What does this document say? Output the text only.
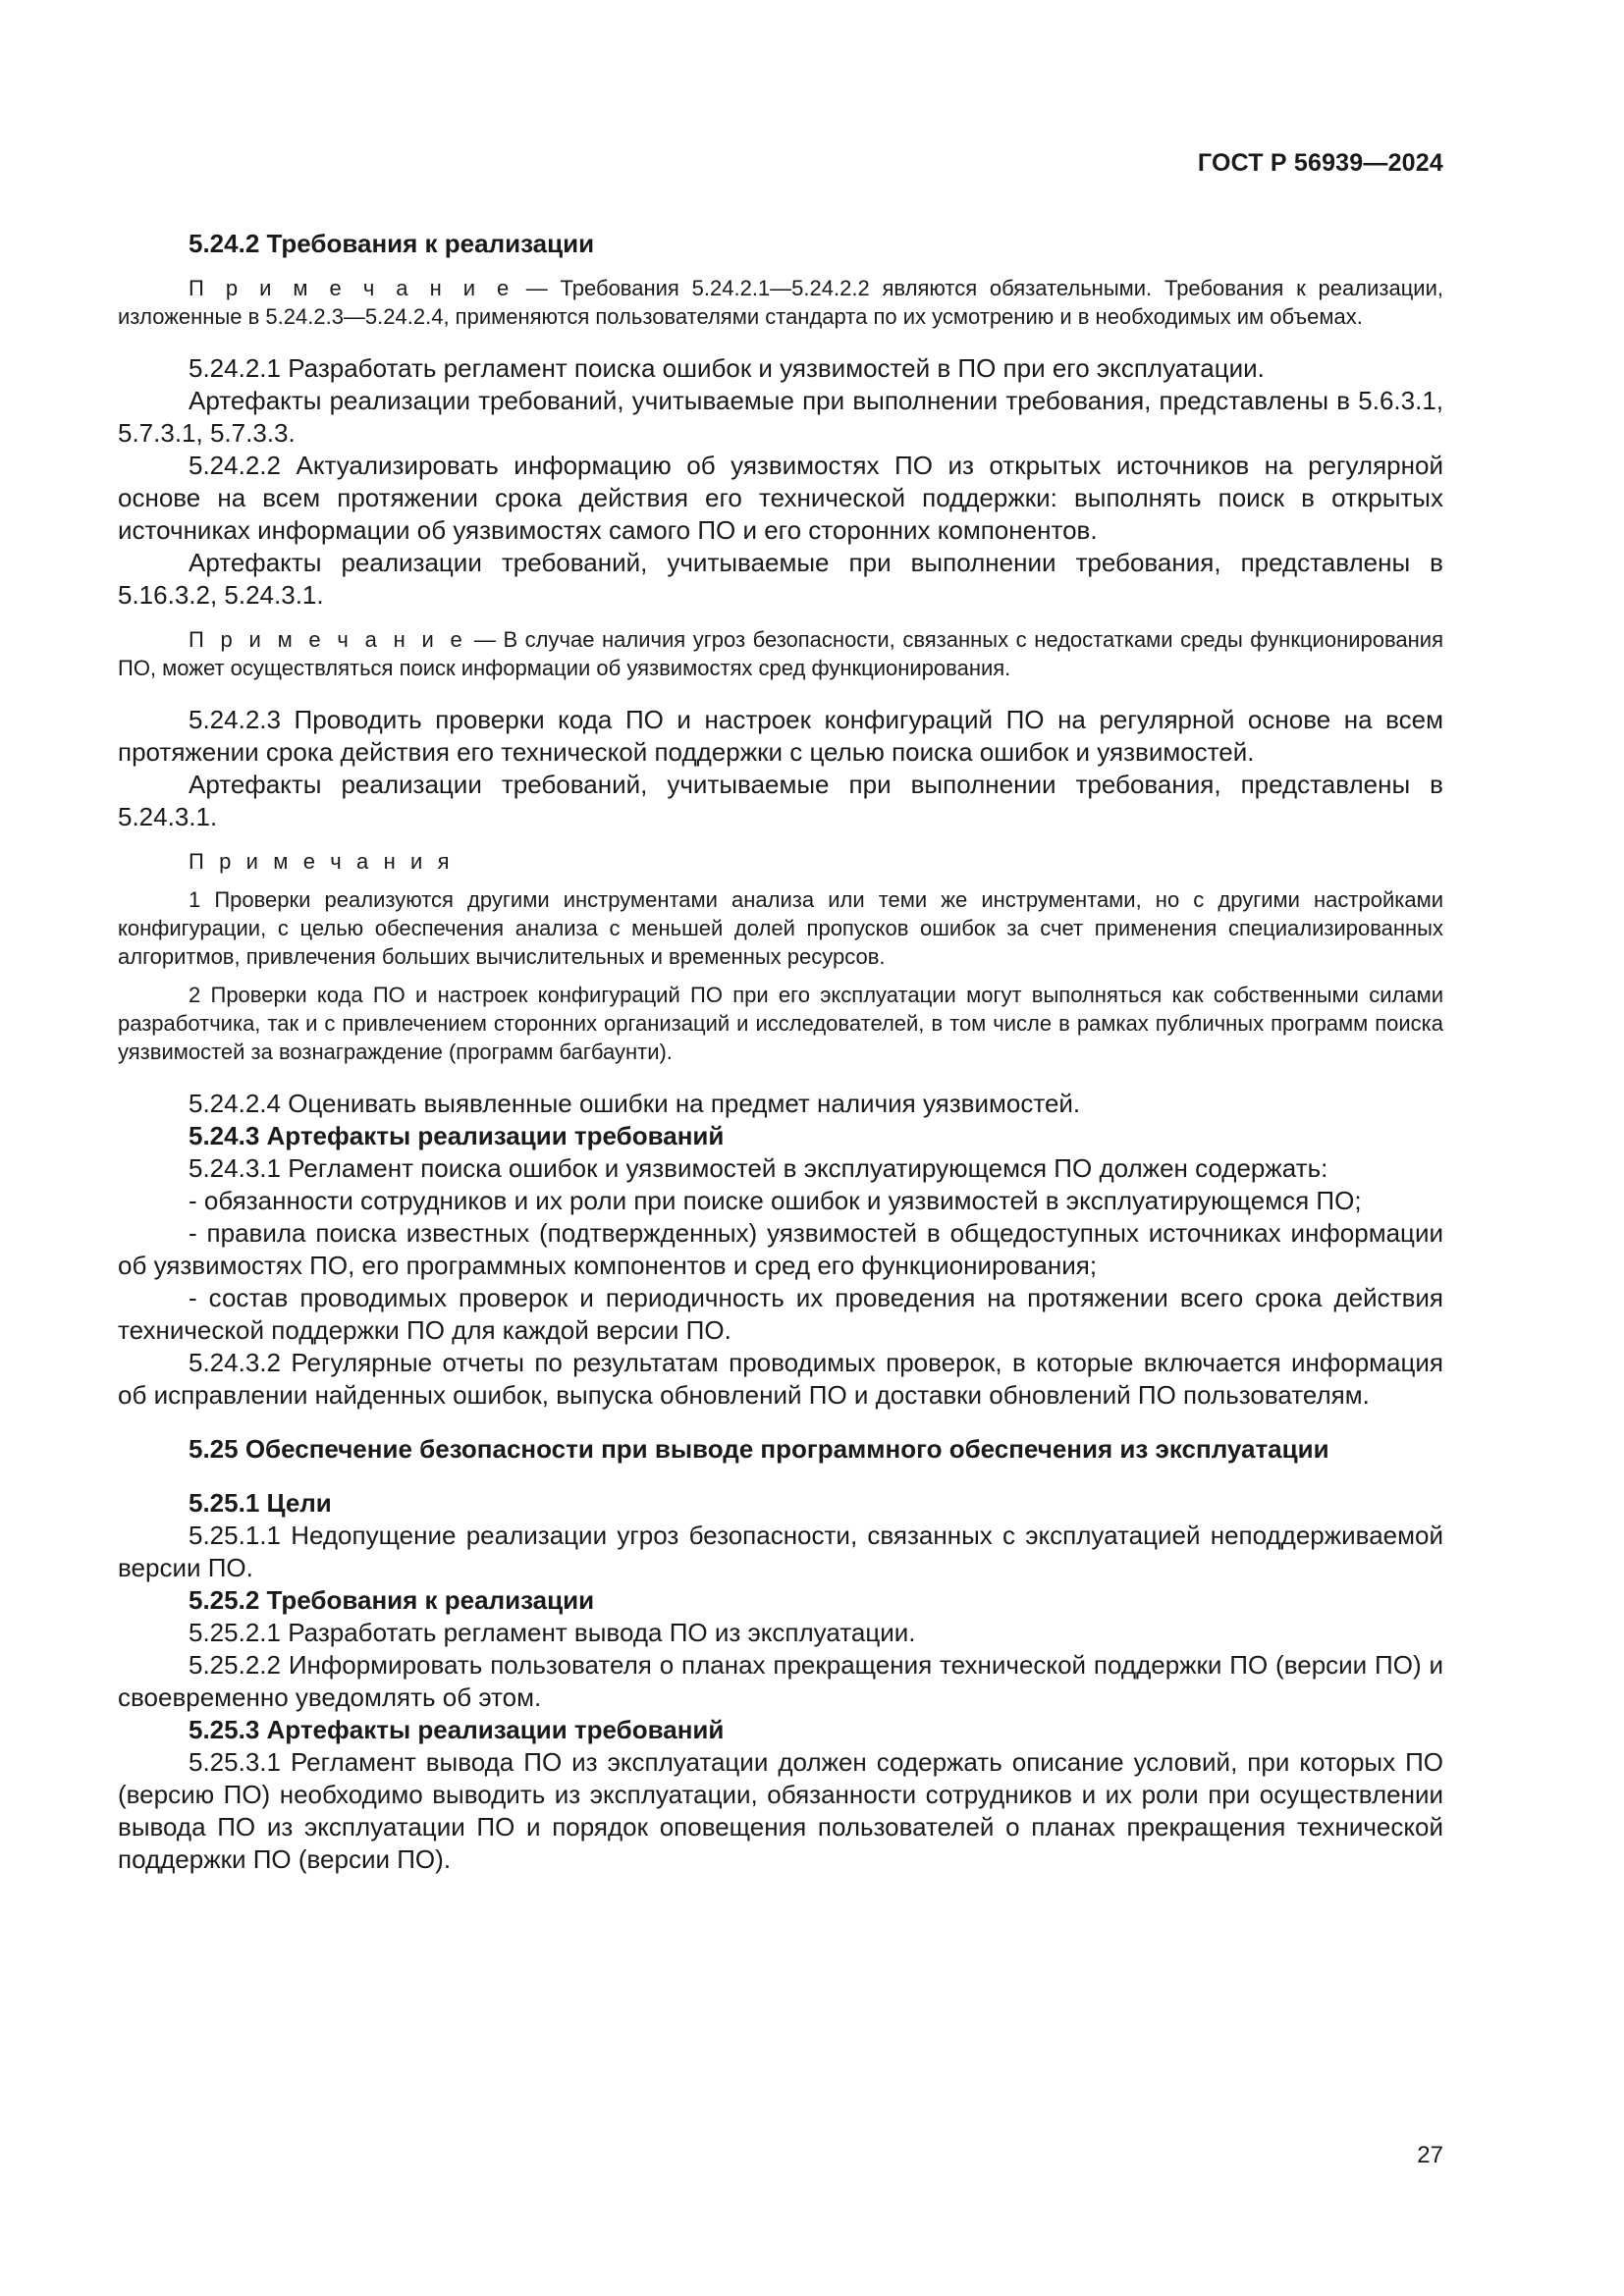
ГОСТ Р 56939—2024

5.24.2 Требования к реализации

П р и м е ч а н и е — Требования 5.24.2.1—5.24.2.2 являются обязательными. Требования к реализации, изложенные в 5.24.2.3—5.24.2.4, применяются пользователями стандарта по их усмотрению и в необходимых им объемах.

5.24.2.1 Разработать регламент поиска ошибок и уязвимостей в ПО при его эксплуатации.

Артефакты реализации требований, учитываемые при выполнении требования, представлены в 5.6.3.1, 5.7.3.1, 5.7.3.3.

5.24.2.2 Актуализировать информацию об уязвимостях ПО из открытых источников на регулярной основе на всем протяжении срока действия его технической поддержки: выполнять поиск в открытых источниках информации об уязвимостях самого ПО и его сторонних компонентов.

Артефакты реализации требований, учитываемые при выполнении требования, представлены в 5.16.3.2, 5.24.3.1.

П р и м е ч а н и е — В случае наличия угроз безопасности, связанных с недостатками среды функционирования ПО, может осуществляться поиск информации об уязвимостях сред функционирования.

5.24.2.3 Проводить проверки кода ПО и настроек конфигураций ПО на регулярной основе на всем протяжении срока действия его технической поддержки с целью поиска ошибок и уязвимостей.

Артефакты реализации требований, учитываемые при выполнении требования, представлены в 5.24.3.1.

П р и м е ч а н и я

1 Проверки реализуются другими инструментами анализа или теми же инструментами, но с другими настройками конфигурации, с целью обеспечения анализа с меньшей долей пропусков ошибок за счет применения специализированных алгоритмов, привлечения больших вычислительных и временных ресурсов.

2 Проверки кода ПО и настроек конфигураций ПО при его эксплуатации могут выполняться как собственными силами разработчика, так и с привлечением сторонних организаций и исследователей, в том числе в рамках публичных программ поиска уязвимостей за вознаграждение (программ багбаунти).

5.24.2.4 Оценивать выявленные ошибки на предмет наличия уязвимостей.

5.24.3 Артефакты реализации требований

5.24.3.1 Регламент поиска ошибок и уязвимостей в эксплуатирующемся ПО должен содержать:

- обязанности сотрудников и их роли при поиске ошибок и уязвимостей в эксплуатирующемся ПО;

- правила поиска известных (подтвержденных) уязвимостей в общедоступных источниках информации об уязвимостях ПО, его программных компонентов и сред его функционирования;

- состав проводимых проверок и периодичность их проведения на протяжении всего срока действия технической поддержки ПО для каждой версии ПО.

5.24.3.2 Регулярные отчеты по результатам проводимых проверок, в которые включается информация об исправлении найденных ошибок, выпуска обновлений ПО и доставки обновлений ПО пользователям.

5.25 Обеспечение безопасности при выводе программного обеспечения из эксплуатации

5.25.1 Цели

5.25.1.1 Недопущение реализации угроз безопасности, связанных с эксплуатацией неподдерживаемой версии ПО.

5.25.2 Требования к реализации

5.25.2.1 Разработать регламент вывода ПО из эксплуатации.

5.25.2.2 Информировать пользователя о планах прекращения технической поддержки ПО (версии ПО) и своевременно уведомлять об этом.

5.25.3 Артефакты реализации требований

5.25.3.1 Регламент вывода ПО из эксплуатации должен содержать описание условий, при которых ПО (версию ПО) необходимо выводить из эксплуатации, обязанности сотрудников и их роли при осуществлении вывода ПО из эксплуатации ПО и порядок оповещения пользователей о планах прекращения технической поддержки ПО (версии ПО).

27
